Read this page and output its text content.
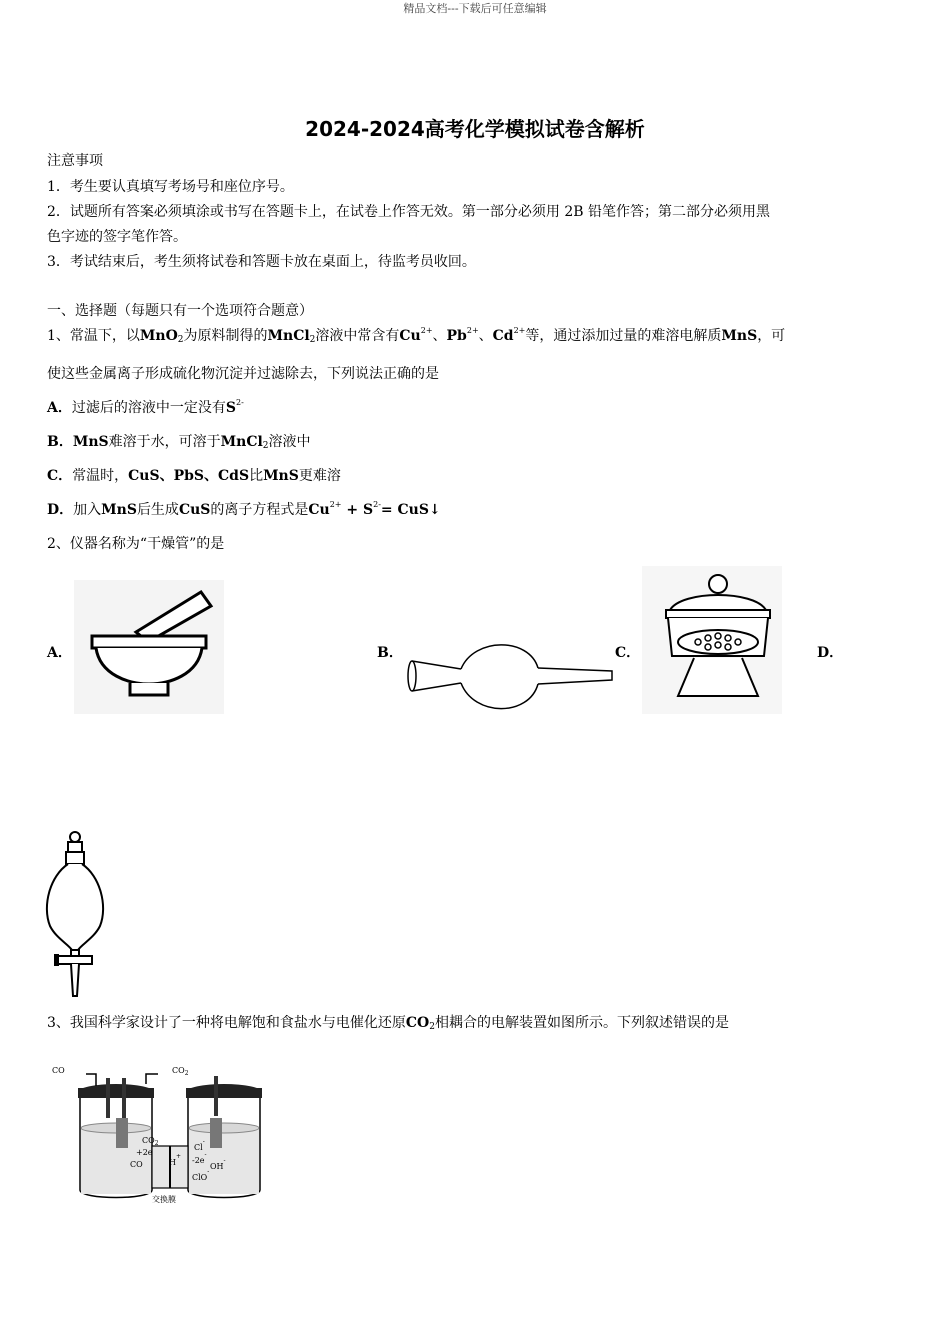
精品文档---下载后可任意编辑
2024-2024高考化学模拟试卷含解析
注意事项
1．考生要认真填写考场号和座位序号。
2．试题所有答案必须填涂或书写在答题卡上，在试卷上作答无效。第一部分必须用 2B 铅笔作答；第二部分必须用黑
色字迹的签字笔作答。
3．考试结束后，考生须将试卷和答题卡放在桌面上，待监考员收回。
一、选择题（每题只有一个选项符合题意）
1、常温下，以MnO$_2$为原料制得的MnCl$_2$溶液中常含有$Cu^{2+}$、$Pb^{2+}$、$Cd^{2+}$等，通过添加过量的难溶电解质MnS，可
使这些金属离子形成硫化物沉淀并过滤除去，下列说法正确的是
A．过滤后的溶液中一定没有$S^{2-}$
B．MnS难溶于水，可溶于MnCl$_2$溶液中
C．常温时，CuS、PbS、CdS比MnS更难溶
D．加入MnS后生成CuS的离子方程式是$Cu^{2+} + S^{2-}=$ CuS↓
2、仪器名称为“干燥管”的是
A．	B．	C．	D．
3、我国科学家设计了一种将电解饱和食盐水与电催化还原$CO_2$相耦合的电解装置如图所示。下列叙述错误的是
CO	$CO_2$
$CO_2$
+2e-
CO	H+
Cl-
-2e-
OH-
ClO-
交换膜
